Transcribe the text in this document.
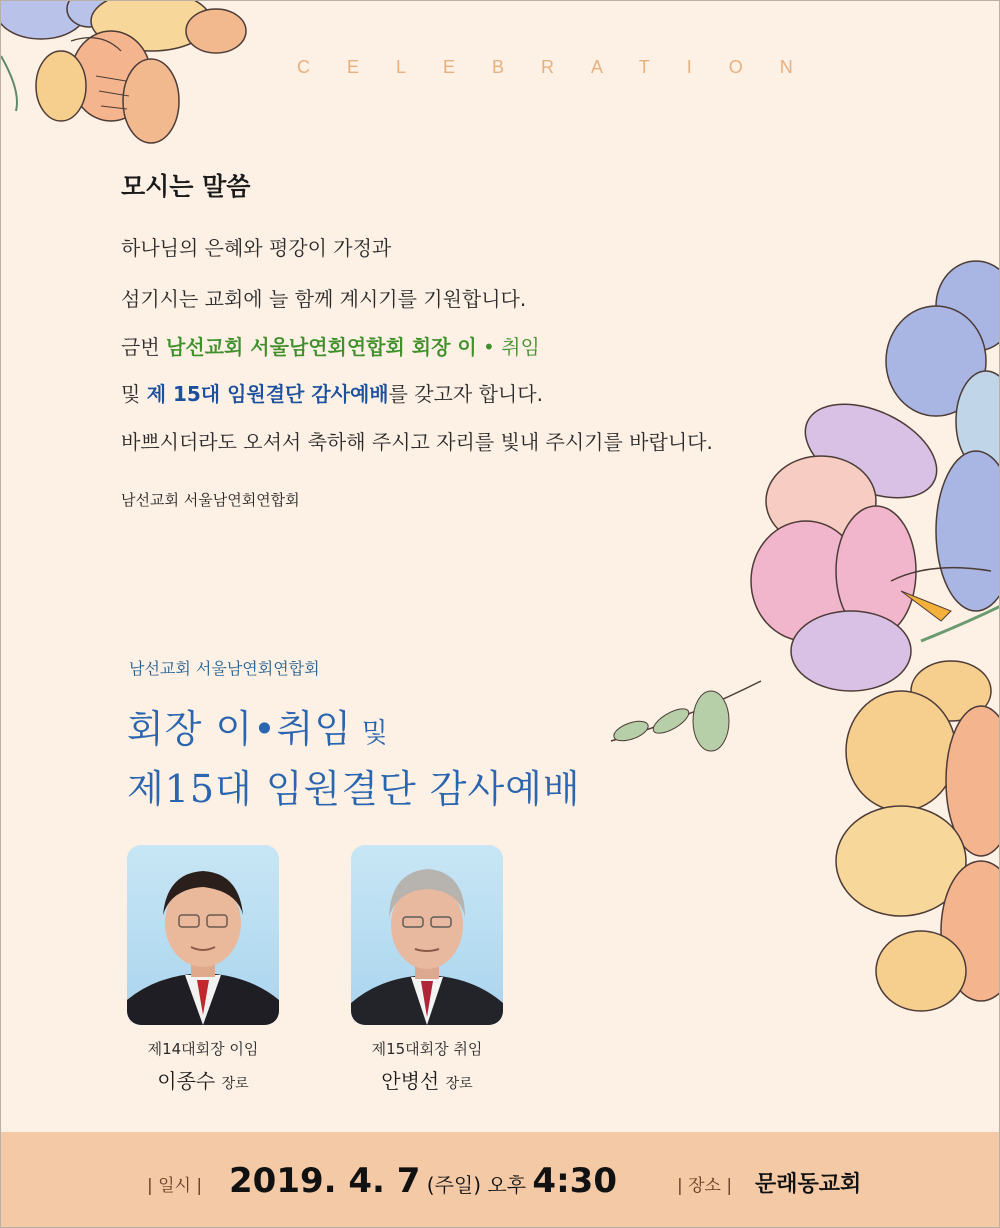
CELEBRATION
모시는 말씀
하나님의 은혜와 평강이 가정과
섬기시는 교회에 늘 함께 계시기를 기원합니다.
금번 남선교회 서울남연회연합회 회장 이 • 취임
및 제 15대 임원결단 감사예배를 갖고자 합니다.
바쁘시더라도 오셔서 축하해 주시고 자리를 빛내 주시기를 바랍니다.
남선교회 서울남연회연합회
남선교회 서울남연회연합회
회장 이•취임 및
제15대 임원결단 감사예배
제14대회장 이임
이종수 장로
제15대회장 취임
안병선 장로
| 일시 | 2019. 4. 7 (주일) 오후 4:30	| 장소 | 문래동교회
